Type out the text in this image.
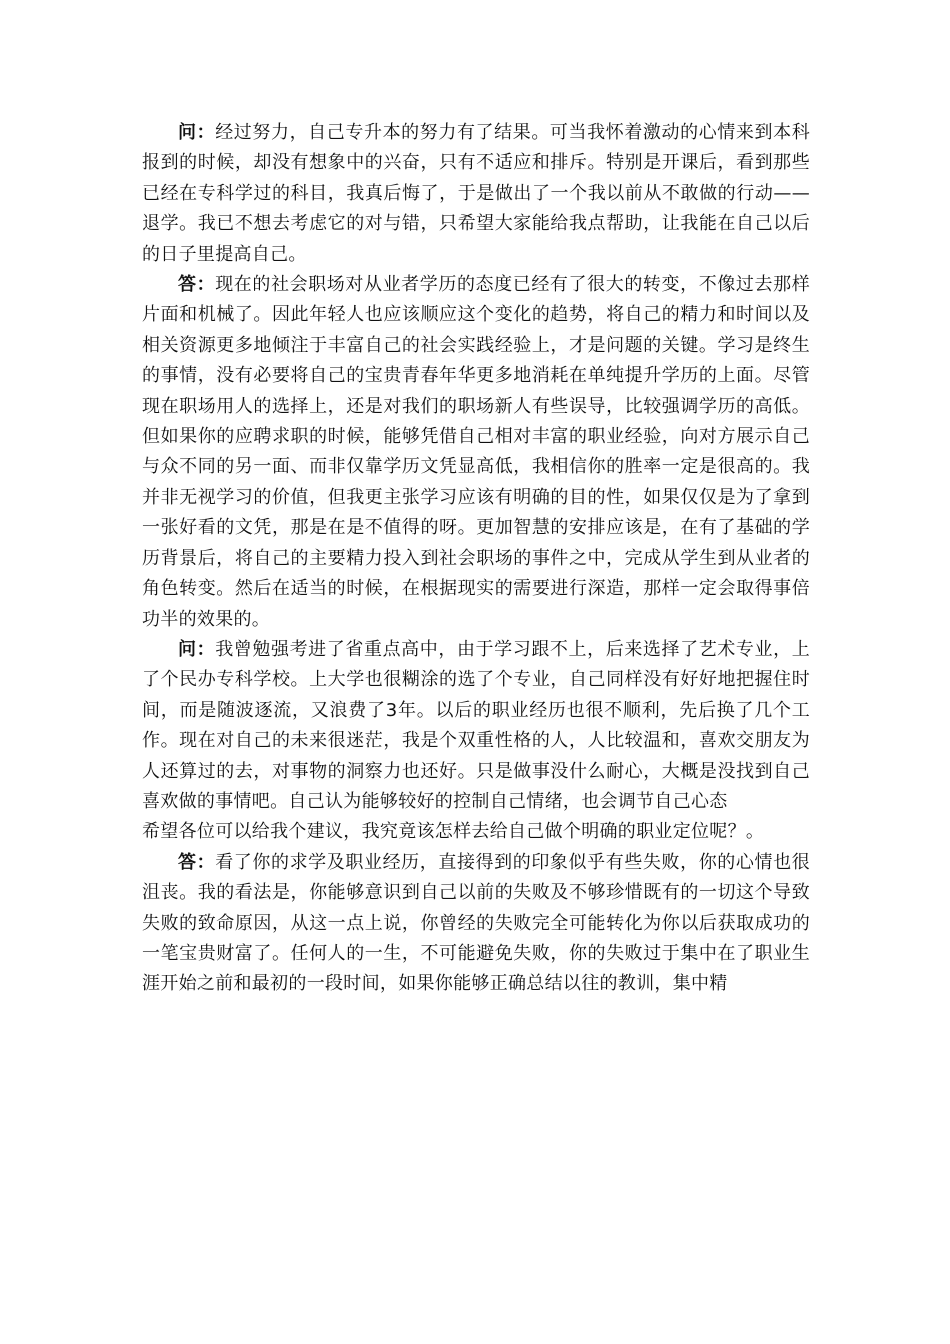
问：经过努力，自己专升本的努力有了结果。可当我怀着激动的心情来到本科报到的时候，却没有想象中的兴奋，只有不适应和排斥。特别是开课后，看到那些已经在专科学过的科目，我真后悔了，于是做出了一个我以前从不敢做的行动——退学。我已不想去考虑它的对与错，只希望大家能给我点帮助，让我能在自己以后的日子里提高自己。

答：现在的社会职场对从业者学历的态度已经有了很大的转变，不像过去那样片面和机械了。因此年轻人也应该顺应这个变化的趋势，将自己的精力和时间以及相关资源更多地倾注于丰富自己的社会实践经验上，才是问题的关键。学习是终生的事情，没有必要将自己的宝贵青春年华更多地消耗在单纯提升学历的上面。尽管现在职场用人的选择上，还是对我们的职场新人有些误导，比较强调学历的高低。但如果你的应聘求职的时候，能够凭借自己相对丰富的职业经验，向对方展示自己与众不同的另一面、而非仅靠学历文凭显高低，我相信你的胜率一定是很高的。我并非无视学习的价值，但我更主张学习应该有明确的目的性，如果仅仅是为了拿到一张好看的文凭，那是在是不值得的呀。更加智慧的安排应该是，在有了基础的学历背景后，将自己的主要精力投入到社会职场的事件之中，完成从学生到从业者的角色转变。然后在适当的时候，在根据现实的需要进行深造，那样一定会取得事倍功半的效果的。

问：我曾勉强考进了省重点高中，由于学习跟不上，后来选择了艺术专业，上了个民办专科学校。上大学也很糊涂的选了个专业，自己同样没有好好地把握住时间，而是随波逐流，又浪费了3年。以后的职业经历也很不顺利，先后换了几个工作。现在对自己的未来很迷茫，我是个双重性格的人，人比较温和，喜欢交朋友为人还算过的去，对事物的洞察力也还好。只是做事没什么耐心，大概是没找到自己喜欢做的事情吧。自己认为能够较好的控制自己情绪，也会调节自己心态

希望各位可以给我个建议，我究竟该怎样去给自己做个明确的职业定位呢？。

答：看了你的求学及职业经历，直接得到的印象似乎有些失败，你的心情也很沮丧。我的看法是，你能够意识到自己以前的失败及不够珍惜既有的一切这个导致失败的致命原因，从这一点上说，你曾经的失败完全可能转化为你以后获取成功的一笔宝贵财富了。任何人的一生，不可能避免失败，你的失败过于集中在了职业生涯开始之前和最初的一段时间，如果你能够正确总结以往的教训，集中精
